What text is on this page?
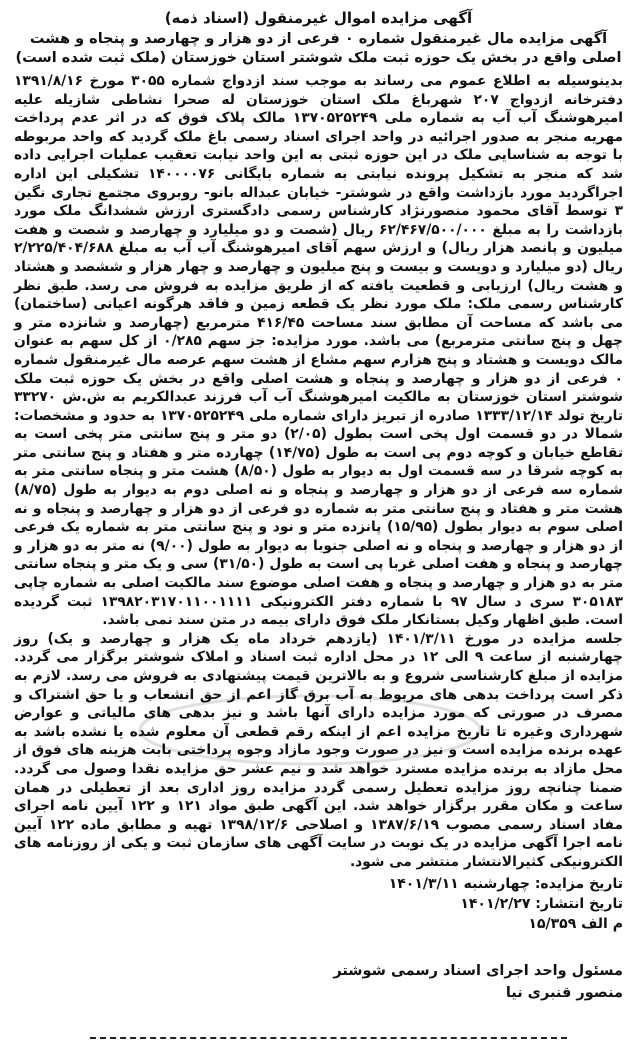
آگهی مزایده اموال غیرمنقول (اسناد ذمه)
آگهی مزایده مال غیرمنقول شماره ۰ فرعی از دو هزار و چهارصد و پنجاه و هشت اصلی واقع در بخش یک حوزه ثبت ملک شوشتر استان خوزستان (ملک ثبت شده است)

بدینوسیله به اطلاع عموم می رساند به موجب سند ازدواج شماره ۳۰۵۵ مورخ ۱۳۹۱/۸/۱۶ دفترخانه ازدواج ۲۰۷ شهرباغ ملک استان خوزستان له صحرا نشاطی شازیله علیه امیرهوشنگ آب آب به شماره ملی ۱۳۷۰۵۲۵۲۴۹ مالک پلاک فوق که در اثر عدم پرداخت مهریه منجر به صدور اجرائیه در واحد اجرای اسناد رسمی باغ ملک گردید که واحد مربوطه با توجه به شناسایی ملک در این حوزه ثبتی به این واحد نیابت تعقیب عملیات اجرایی داده شد که منجر به تشکیل پرونده نیابتی به شماره بایگانی ۱۴۰۰۰۰۷۶ تشکیلی این اداره اجراگردید مورد بازداشت واقع در شوشتر- خیابان عبداله بانو- روبروی مجتمع تجاری نگین ۳ توسط آقای محمود منصورنژاد کارشناس رسمی دادگستری ارزش ششدانگ ملک مورد بازداشت را به مبلغ ۶۲/۴۶۷/۵۰۰/۰۰۰ ریال (شصت و دو میلیارد و چهارصد و شصت و هفت میلیون و پانصد هزار ریال) و ارزش سهم آقای امیرهوشنگ آب آب به مبلغ ۲/۲۲۵/۴۰۴/۶۸۸ ریال (دو میلیارد و دویست و بیست و پنج میلیون و چهارصد و چهار هزار و ششصد و هشتاد و هشت ریال) ارزیابی و قطعیت یافته که از طریق مزایده به فروش می رسد. طبق نظر کارشناس رسمی ملک: ملک مورد نظر یک قطعه زمین و فاقد هرگونه اعیانی (ساختمان) می باشد که مساحت آن مطابق سند مساحت ۴۱۶/۴۵ مترمربع (چهارصد و شانزده متر و چهل و پنج سانتی مترمربع) می باشد. مورد مزایده: جز سهم ۰/۲۸۵ از کل سهم به عنوان مالک دویست و هشتاد و پنج هزارم سهم مشاع از هشت سهم عرصه مال غیرمنقول شماره ۰ فرعی از دو هزار و چهارصد و پنجاه و هشت اصلی واقع در بخش یک حوزه ثبت ملک شوشتر استان خوزستان به مالکیت امیرهوشنگ آب آب فرزند عبدالکریم به ش.ش ۳۳۲۷۰ تاریخ تولد ۱۳۳۳/۱۲/۱۴ صادره از تبریز دارای شماره ملی ۱۳۷۰۵۲۵۲۴۹ به حدود و مشخصات: شمالا در دو قسمت اول پخی است بطول (۲/۰۵) دو متر و پنج سانتی متر پخی است به تقاطع خیابان و کوچه دوم پی است به طول (۱۴/۷۵) چهارده متر و هفتاد و پنج سانتی متر به کوچه شرقا در سه قسمت اول به دیوار به طول (۸/۵۰) هشت متر و پنجاه سانتی متر به شماره سه فرعی از دو هزار و چهارصد و پنجاه و نه اصلی دوم به دیوار به طول (۸/۷۵) هشت متر و هفتاد و پنج سانتی متر به شماره دو فرعی از دو هزار و چهارصد و پنجاه و نه اصلی سوم به دیوار بطول (۱۵/۹۵) پانزده متر و نود و پنج سانتی متر به شماره یک فرعی از دو هزار و چهارصد و پنجاه و نه اصلی جنوبا به دیوار به طول (۹/۰۰) نه متر به دو هزار و چهارصد و پنجاه و هفت اصلی غربا پی است به طول (۳۱/۵۰) سی و یک متر و پنجاه سانتی متر به دو هزار و چهارصد و پنجاه و هفت اصلی موضوع سند مالکیت اصلی به شماره چاپی ۳۰۵۱۸۳ سری د سال ۹۷ با شماره دفتر الکترونیکی ۱۳۹۸۲۰۳۱۷۰۱۱۰۰۱۱۱۱ ثبت گردیده است. طبق اظهار وکیل بستانکار ملک فوق دارای بیمه در متن سند نمی باشد.

جلسه مزایده در مورخ ۱۴۰۱/۳/۱۱ (یازدهم خرداد ماه یک هزار و چهارصد و یک) روز چهارشنبه از ساعت ۹ الی ۱۲ در محل اداره ثبت اسناد و املاک شوشتر برگزار می گردد. مزایده از مبلغ کارشناسی شروع و به بالاترین قیمت پیشنهادی به فروش می رسد. لازم به ذکر است پرداخت بدهی های مربوط به آب برق گاز اعم از حق انشعاب و یا حق اشتراک و مصرف در صورتی که مورد مزایده دارای آنها باشد و نیز بدهی های مالیاتی و عوارض شهرداری وغیره تا تاریخ مزایده اعم از اینکه رقم قطعی آن معلوم شده یا نشده باشد به عهده برنده مزایده است و نیز در صورت وجود مازاد وجوه پرداختی بابت هزینه های فوق از محل مازاد به برنده مزایده مسترد خواهد شد و نیم عشر حق مزایده نقدا وصول می گردد. ضمنا چنانچه روز مزایده تعطیل رسمی گردد مزایده روز اداری بعد از تعطیلی در همان ساعت و مکان مقرر برگزار خواهد شد. این آگهی طبق مواد ۱۲۱ و ۱۲۲ آیین نامه اجرای مفاد اسناد رسمی مصوب ۱۳۸۷/۶/۱۹ و اصلاحی ۱۳۹۸/۱۲/۶ تهیه و مطابق ماده ۱۲۲ آیین نامه اجرا آگهی مزایده در یک نوبت در سایت آگهی های سازمان ثبت و یکی از روزنامه های الکترونیکی کثیرالانتشار منتشر می شود.

تاریخ مزایده: چهارشنبه ۱۴۰۱/۳/۱۱
تاریخ انتشار: ۱۴۰۱/۲/۲۷
م الف ۱۵/۳۵۹
مسئول واحد اجرای اسناد رسمی شوشتر
منصور قنبری نیا
